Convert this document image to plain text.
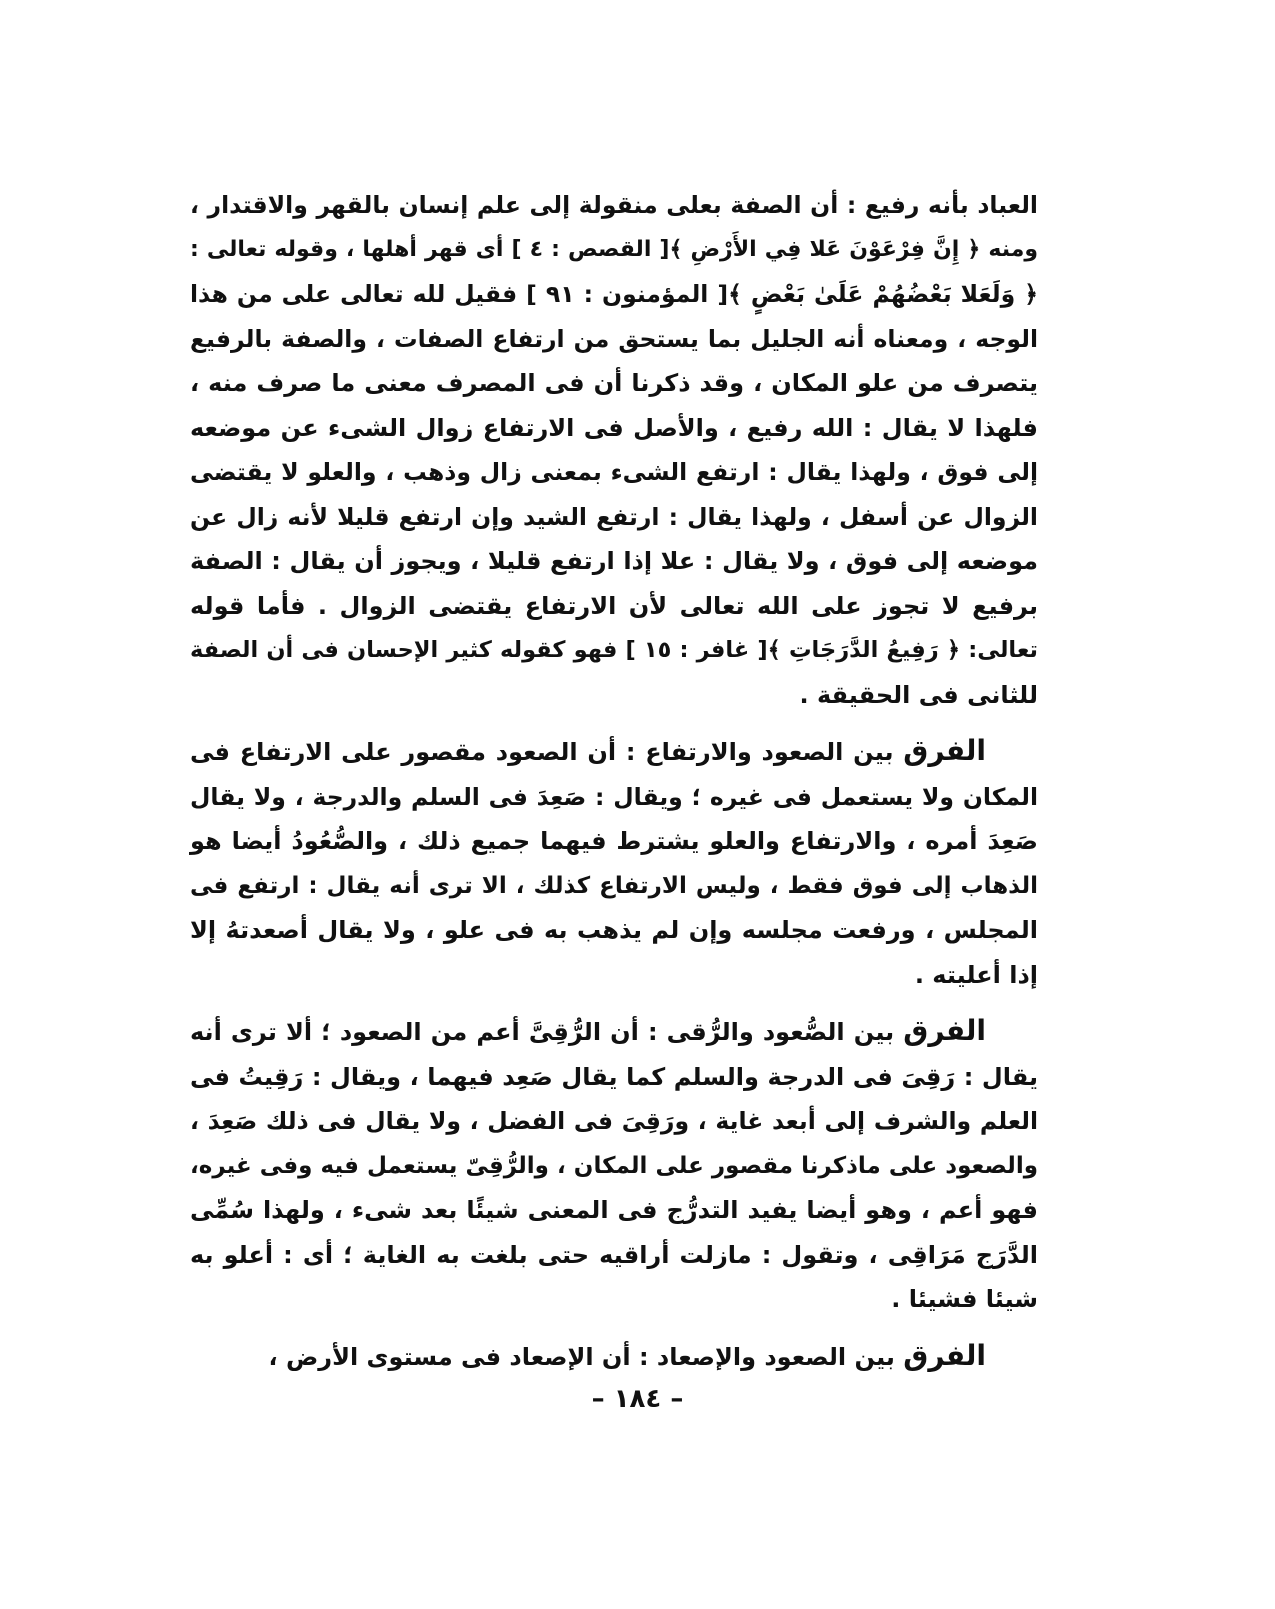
العباد بأنه رفيع : أن الصفة بعلى منقولة إلى علم إنسان بالقهر والاقتدار ،
ومنه ﴿ إِنَّ فِرْعَوْنَ عَلا فِي الأَرْضِ ﴾[ القصص : ٤ ] أى قهر أهلها ، وقوله تعالى :
﴿ وَلَعَلا بَعْضُهُمْ عَلَىٰ بَعْضٍ ﴾[ المؤمنون : ٩١ ] فقيل لله تعالى على من هذا
الوجه ، ومعناه أنه الجليل بما يستحق من ارتفاع الصفات ، والصفة بالرفيع
يتصرف من علو المكان ، وقد ذكرنا أن فى المصرف معنى ما صرف منه ،
فلهذا لا يقال : الله رفيع ، والأصل فى الارتفاع زوال الشىء عن موضعه
إلى فوق ، ولهذا يقال : ارتفع الشىء بمعنى زال وذهب ، والعلو لا يقتضى
الزوال عن أسفل ، ولهذا يقال : ارتفع الشيد وإن ارتفع قليلا لأنه زال عن
موضعه إلى فوق ، ولا يقال : علا إذا ارتفع قليلا ، ويجوز أن يقال : الصفة
برفيع لا تجوز على الله تعالى لأن الارتفاع يقتضى الزوال . فأما قوله
تعالى: ﴿ رَفِيعُ الدَّرَجَاتِ ﴾[ غافر : ١٥ ] فهو كقوله كثير الإحسان فى أن الصفة
للثانى فى الحقيقة .
الفرق بين الصعود والارتفاع : أن الصعود مقصور على الارتفاع فى
المكان ولا يستعمل فى غيره ؛ ويقال : صَعِدَ فى السلم والدرجة ، ولا يقال
صَعِدَ أمره ، والارتفاع والعلو يشترط فيهما جميع ذلك ، والصُّعُودُ أيضا هو
الذهاب إلى فوق فقط ، وليس الارتفاع كذلك ، الا ترى أنه يقال : ارتفع فى
المجلس ، ورفعت مجلسه وإن لم يذهب به فى علو ، ولا يقال أصعدتهُ إلا
إذا أعليته .
الفرق بين الصُّعود والرُّقى : أن الرُّقِىَّ أعم من الصعود ؛ ألا ترى أنه
يقال : رَقِىَ فى الدرجة والسلم كما يقال صَعِد فيهما ، ويقال : رَقِيتُ فى
العلم والشرف إلى أبعد غاية ، ورَقِىَ فى الفضل ، ولا يقال فى ذلك صَعِدَ ،
والصعود على ماذكرنا مقصور على المكان ، والرُّقِىّ يستعمل فيه وفى غيره،
فهو أعم ، وهو أيضا يفيد التدرُّج فى المعنى شيئًا بعد شىء ، ولهذا سُمِّى
الدَّرَج مَرَاقِى ، وتقول : مازلت أراقيه حتى بلغت به الغاية ؛ أى : أعلو به
شيئا فشيئا .
الفرق بين الصعود والإصعاد : أن الإصعاد فى مستوى الأرض ،
– ١٨٤ –
